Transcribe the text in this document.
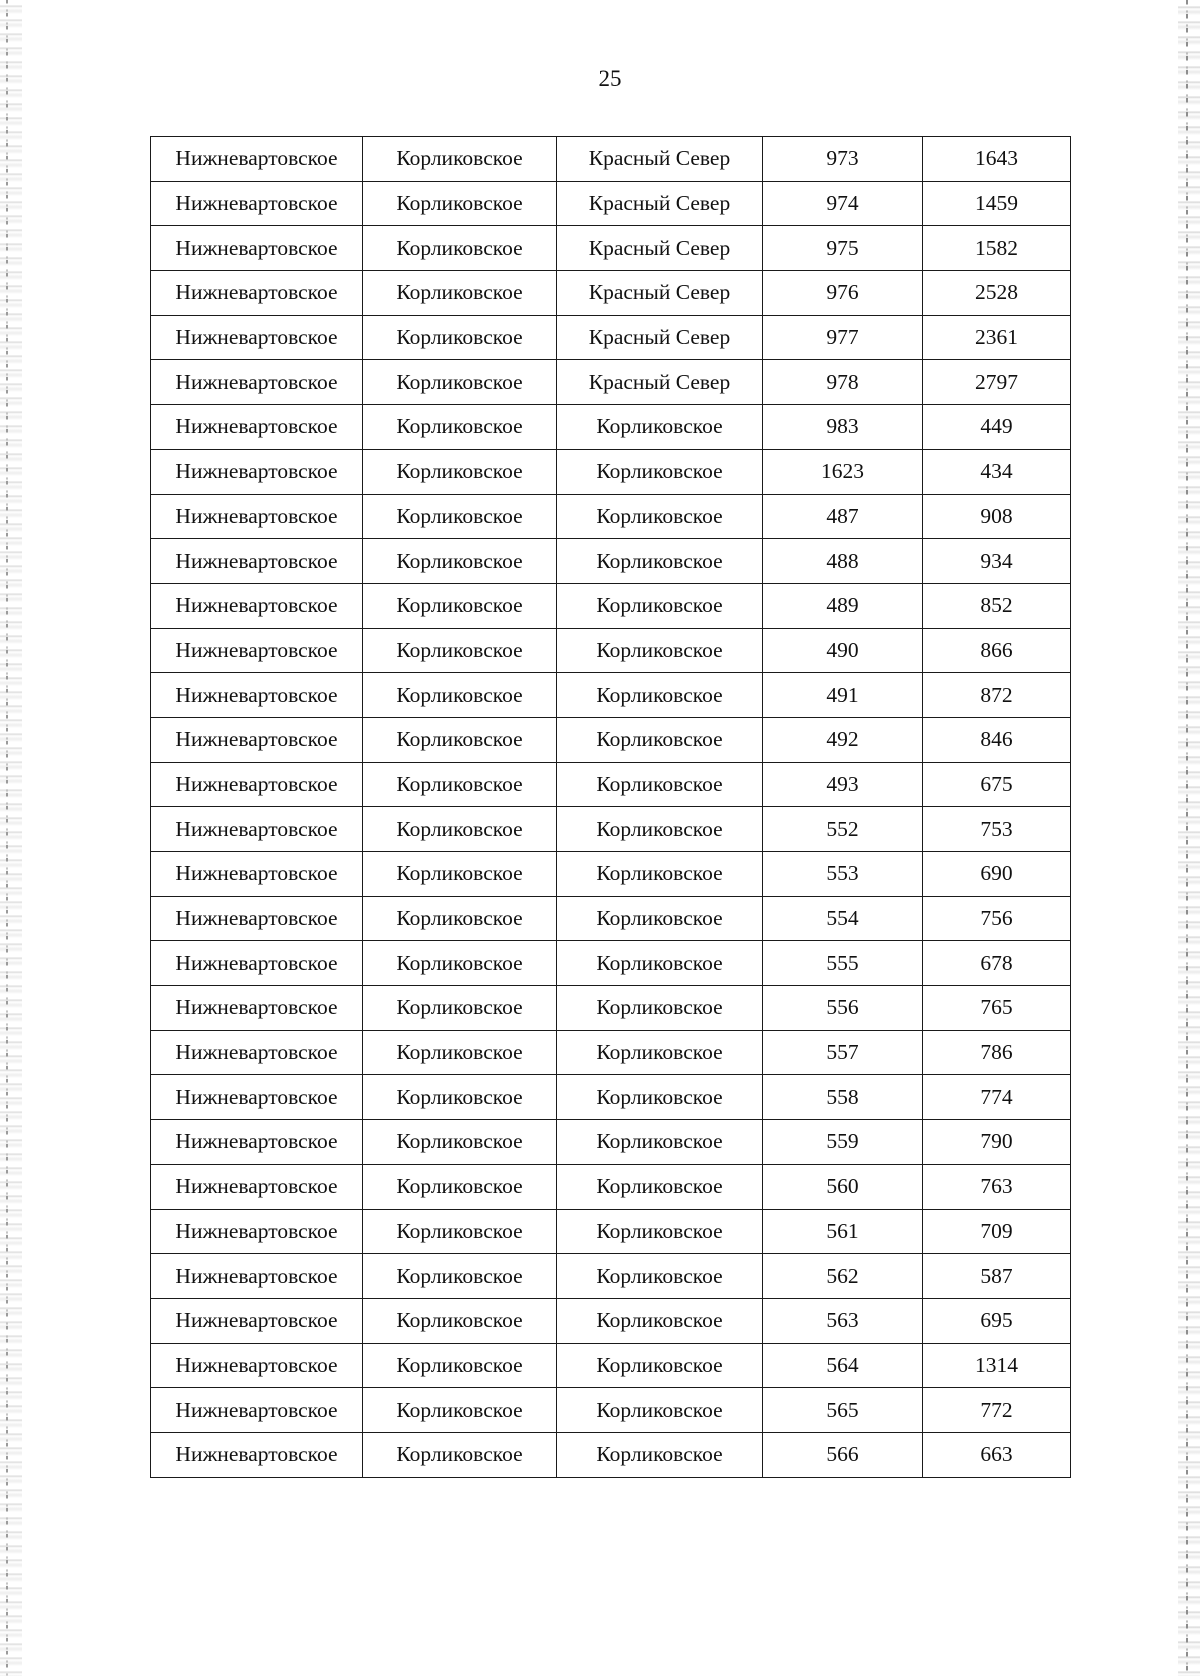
25
Нижневартовское	Корликовское	Красный Север	973	1643
Нижневартовское	Корликовское	Красный Север	974	1459
Нижневартовское	Корликовское	Красный Север	975	1582
Нижневартовское	Корликовское	Красный Север	976	2528
Нижневартовское	Корликовское	Красный Север	977	2361
Нижневартовское	Корликовское	Красный Север	978	2797
Нижневартовское	Корликовское	Корликовское	983	449
Нижневартовское	Корликовское	Корликовское	1623	434
Нижневартовское	Корликовское	Корликовское	487	908
Нижневартовское	Корликовское	Корликовское	488	934
Нижневартовское	Корликовское	Корликовское	489	852
Нижневартовское	Корликовское	Корликовское	490	866
Нижневартовское	Корликовское	Корликовское	491	872
Нижневартовское	Корликовское	Корликовское	492	846
Нижневартовское	Корликовское	Корликовское	493	675
Нижневартовское	Корликовское	Корликовское	552	753
Нижневартовское	Корликовское	Корликовское	553	690
Нижневартовское	Корликовское	Корликовское	554	756
Нижневартовское	Корликовское	Корликовское	555	678
Нижневартовское	Корликовское	Корликовское	556	765
Нижневартовское	Корликовское	Корликовское	557	786
Нижневартовское	Корликовское	Корликовское	558	774
Нижневартовское	Корликовское	Корликовское	559	790
Нижневартовское	Корликовское	Корликовское	560	763
Нижневартовское	Корликовское	Корликовское	561	709
Нижневартовское	Корликовское	Корликовское	562	587
Нижневартовское	Корликовское	Корликовское	563	695
Нижневартовское	Корликовское	Корликовское	564	1314
Нижневартовское	Корликовское	Корликовское	565	772
Нижневартовское	Корликовское	Корликовское	566	663
